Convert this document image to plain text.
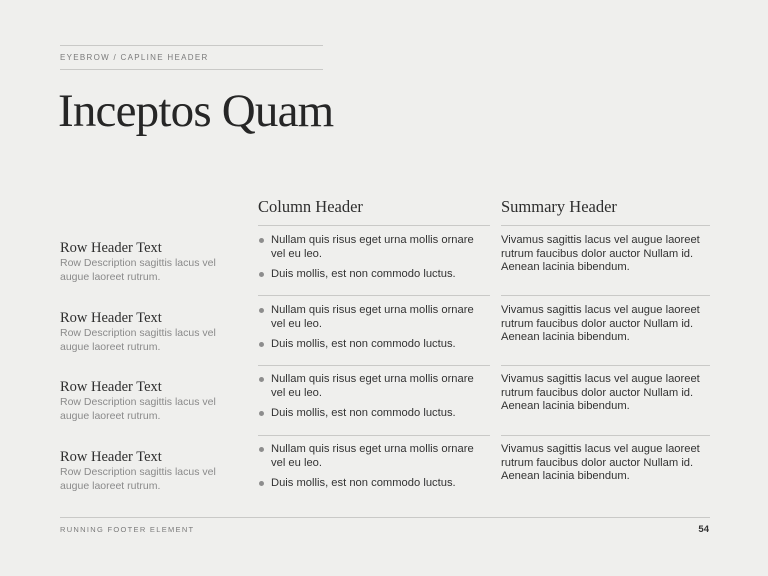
EYEBROW / CAPLINE HEADER
Inceptos Quam
Column Header	Summary Header
Row Header Text
Row Description sagittis lacus vel augue laoreet rutrum.
Nullam quis risus eget urna mollis ornare vel eu leo.
Duis mollis, est non commodo luctus.
Vivamus sagittis lacus vel augue laoreet rutrum faucibus dolor auctor Nullam id. Aenean lacinia bibendum.
Row Header Text
Row Description sagittis lacus vel augue laoreet rutrum.
Nullam quis risus eget urna mollis ornare vel eu leo.
Duis mollis, est non commodo luctus.
Vivamus sagittis lacus vel augue laoreet rutrum faucibus dolor auctor Nullam id. Aenean lacinia bibendum.
Row Header Text
Row Description sagittis lacus vel augue laoreet rutrum.
Nullam quis risus eget urna mollis ornare vel eu leo.
Duis mollis, est non commodo luctus.
Vivamus sagittis lacus vel augue laoreet rutrum faucibus dolor auctor Nullam id. Aenean lacinia bibendum.
Row Header Text
Row Description sagittis lacus vel augue laoreet rutrum.
Nullam quis risus eget urna mollis ornare vel eu leo.
Duis mollis, est non commodo luctus.
Vivamus sagittis lacus vel augue laoreet rutrum faucibus dolor auctor Nullam id. Aenean lacinia bibendum.
RUNNING FOOTER ELEMENT	54
